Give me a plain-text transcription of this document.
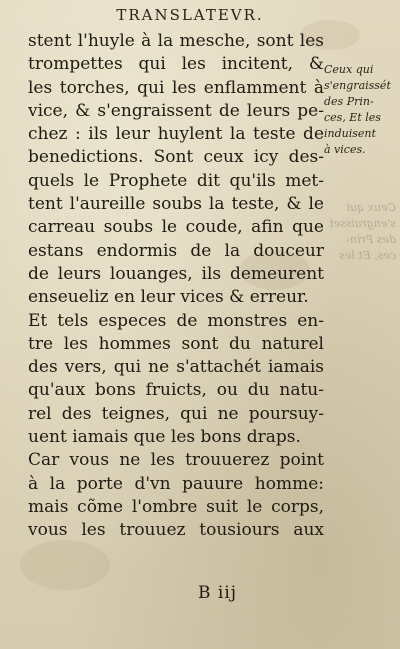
TRANSLATEVR.
stent l'huyle à la mesche, sont les
trompettes qui les incitent, &
les torches, qui les enflamment à
vice, & s'engraissent de leurs pe-
chez : ils leur huylent la teste de
benedictions. Sont ceux icy des-
quels le Prophete dit qu'ils met-
tent l'aureille soubs la teste, & le
carreau soubs le coude, afin que
estans endormis de la douceur
de leurs louanges, ils demeurent
enseueliz en leur vices & erreur.
Et tels especes de monstres en-
tre les hommes sont du naturel
des vers, qui ne s'attachét iamais
qu'aux bons fruicts, ou du natu-
rel des teignes, qui ne poursuy-
uent iamais que les bons draps.
Car vous ne les trouuerez point
à la porte d'vn pauure homme:
mais cõme l'ombre suit le corps,
vous les trouuez tousiours aux
Ceux qui
s'engraissét
des Prin-
ces, Et les
induisent
à vices.
Ceux qui
s'engraisset
des Prin-
ces, Et les
B iij
